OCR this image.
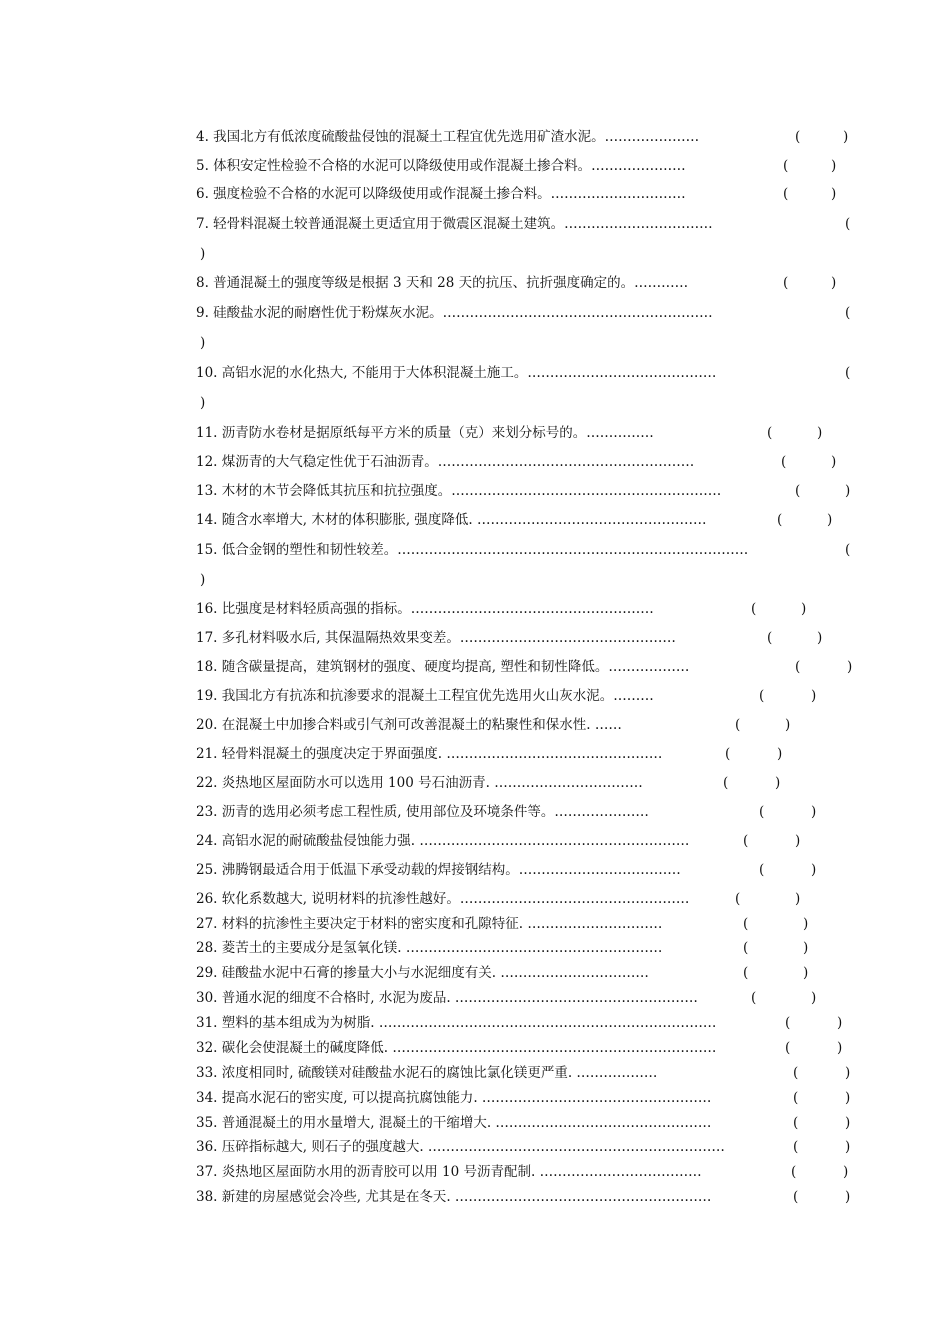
4. 我国北方有低浓度硫酸盐侵蚀的混凝土工程宜优先选用矿渣水泥。…………………	(	)
5. 体积安定性检验不合格的水泥可以降级使用或作混凝土掺合料。…………………	(	)
6. 强度检验不合格的水泥可以降级使用或作混凝土掺合料。…………………………	(	)
7. 轻骨料混凝土较普通混凝土更适宜用于微震区混凝土建筑。……………………………	(
)
8. 普通混凝土的强度等级是根据 3 天和 28 天的抗压、抗折强度确定的。…………	(	)
9. 硅酸盐水泥的耐磨性优于粉煤灰水泥。……………………………………………………	(
)
10. 高铝水泥的水化热大, 不能用于大体积混凝土施工。……………………………………	(
)
11. 沥青防水卷材是据原纸每平方米的质量（克）来划分标号的。……………	(	)
12. 煤沥青的大气稳定性优于石油沥青。…………………………………………………	(	)
13. 木材的木节会降低其抗压和抗拉强度。……………………………………………………	(	)
14. 随含水率增大, 木材的体积膨胀, 强度降低. ……………………………………………	(	)
15. 低合金钢的塑性和韧性较差。……………………………………………………………………	(
)
16. 比强度是材料轻质高强的指标。………………………………………………	(	)
17. 多孔材料吸水后, 其保温隔热效果变差。…………………………………………	(	)
18. 随含碳量提高，建筑钢材的强度、硬度均提高, 塑性和韧性降低。………………	(	)
19. 我国北方有抗冻和抗渗要求的混凝土工程宜优先选用火山灰水泥。………	(	)
20. 在混凝土中加掺合料或引气剂可改善混凝土的粘聚性和保水性. ……	(	)
21. 轻骨料混凝土的强度决定于界面强度. …………………………………………	(	)
22. 炎热地区屋面防水可以选用 100 号石油沥青. ……………………………	(	)
23. 沥青的选用必须考虑工程性质, 使用部位及环境条件等。…………………	(	)
24. 高铝水泥的耐硫酸盐侵蚀能力强. ……………………………………………………	(	)
25. 沸腾钢最适合用于低温下承受动载的焊接钢结构。………………………………	(	)
26. 软化系数越大, 说明材料的抗渗性越好。……………………………………………	(	)
27. 材料的抗渗性主要决定于材料的密实度和孔隙特征. …………………………	(	)
28. 菱苦土的主要成分是氢氧化镁. …………………………………………………	(	)
29. 硅酸盐水泥中石膏的掺量大小与水泥细度有关. ……………………………	(	)
30. 普通水泥的细度不合格时, 水泥为废品. ………………………………………………	(	)
31. 塑料的基本组成为为树脂. …………………………………………………………………	(	)
32. 碳化会使混凝土的碱度降低. ………………………………………………………………	(	)
33. 浓度相同时, 硫酸镁对硅酸盐水泥石的腐蚀比氯化镁更严重. ………………	(	)
34. 提高水泥石的密实度, 可以提高抗腐蚀能力. ……………………………………………	(	)
35. 普通混凝土的用水量增大, 混凝土的干缩增大. …………………………………………	(	)
36. 压碎指标越大, 则石子的强度越大. …………………………………………………………	(	)
37. 炎热地区屋面防水用的沥青胶可以用 10 号沥青配制. ………………………………	(	)
38. 新建的房屋感觉会冷些, 尤其是在冬天. …………………………………………………	(	)
